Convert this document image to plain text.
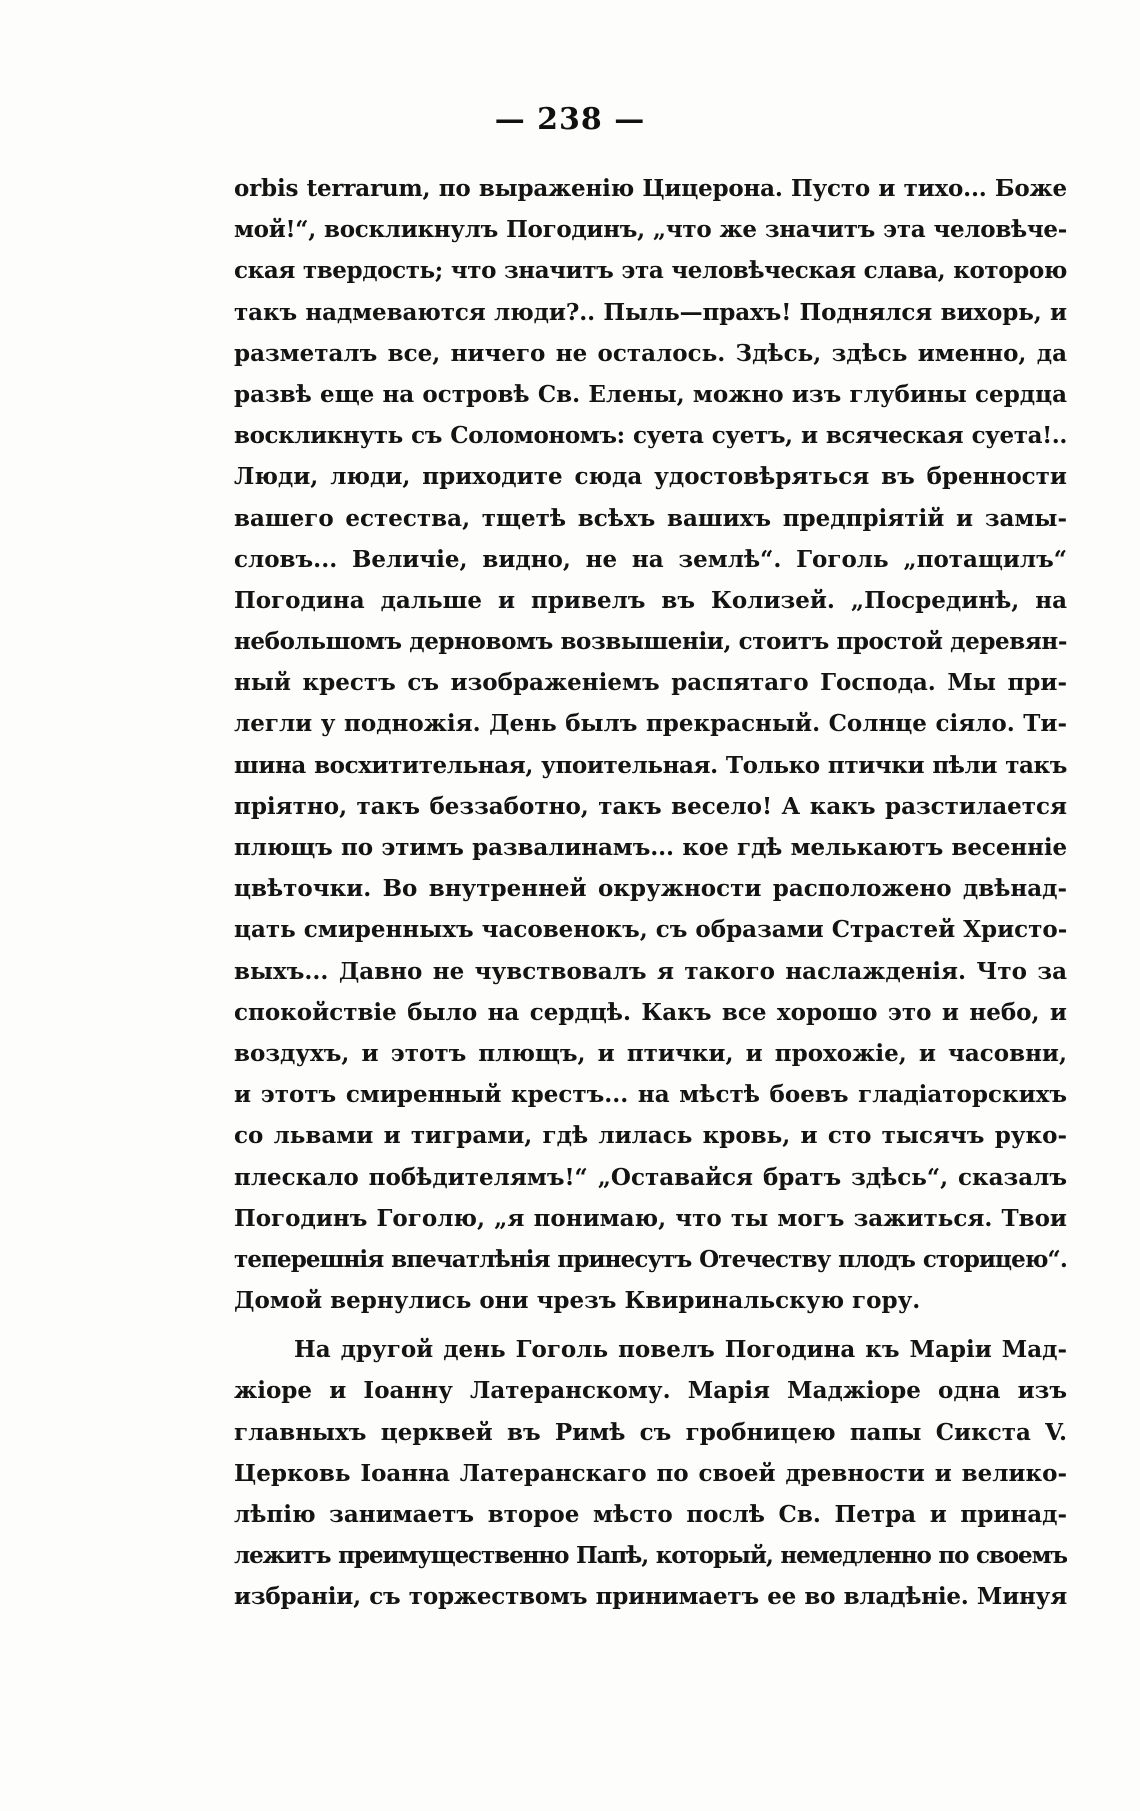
— 238 —
orbis terrarum, по выраженію Цицерона. Пусто и тихо... Боже
мой!“, воскликнулъ Погодинъ, „что же значитъ эта человѣче-
ская твердость; что значитъ эта человѣческая слава, которою
такъ надмеваются люди?.. Пыль—прахъ! Поднялся вихорь, и
разметалъ все, ничего не осталось. Здѣсь, здѣсь именно, да
развѣ еще на островѣ Св. Елены, можно изъ глубины сердца
воскликнуть съ Соломономъ: суета суетъ, и всяческая суета!..
Люди, люди, приходите сюда удостовѣряться въ бренности
вашего естества, тщетѣ всѣхъ вашихъ предпріятій и замы-
словъ... Величіе, видно, не на землѣ“. Гоголь „потащилъ“
Погодина дальше и привелъ въ Колизей. „Посрединѣ, на
небольшомъ дерновомъ возвышеніи, стоитъ простой деревян-
ный крестъ съ изображеніемъ распятаго Господа. Мы при-
легли у подножія. День былъ прекрасный. Солнце сіяло. Ти-
шина восхитительная, упоительная. Только птички пѣли такъ
пріятно, такъ беззаботно, такъ весело! А какъ разстилается
плющъ по этимъ развалинамъ... кое гдѣ мелькаютъ весенніе
цвѣточки. Во внутренней окружности расположено двѣнад-
цать смиренныхъ часовенокъ, съ образами Страстей Христо-
выхъ... Давно не чувствовалъ я такого наслажденія. Что за
спокойствіе было на сердцѣ. Какъ все хорошо это и небо, и
воздухъ, и этотъ плющъ, и птички, и прохожіе, и часовни,
и этотъ смиренный крестъ... на мѣстѣ боевъ гладіаторскихъ
со львами и тиграми, гдѣ лилась кровь, и сто тысячъ руко-
плескало побѣдителямъ!“ „Оставайся братъ здѣсь“, сказалъ
Погодинъ Гоголю, „я понимаю, что ты могъ зажиться. Твои
теперешнія впечатлѣнія принесутъ Отечеству плодъ сторицею“.
Домой вернулись они чрезъ Квиринальскую гору.
На другой день Гоголь повелъ Погодина къ Маріи Мад-
жіоре и Іоанну Латеранскому. Марія Маджіоре одна изъ
главныхъ церквей въ Римѣ съ гробницею папы Сикста V.
Церковь Іоанна Латеранскаго по своей древности и велико-
лѣпію занимаетъ второе мѣсто послѣ Св. Петра и принад-
лежитъ преимущественно Папѣ, который, немедленно по своемъ
избраніи, съ торжествомъ принимаетъ ее во владѣніе. Минуя
